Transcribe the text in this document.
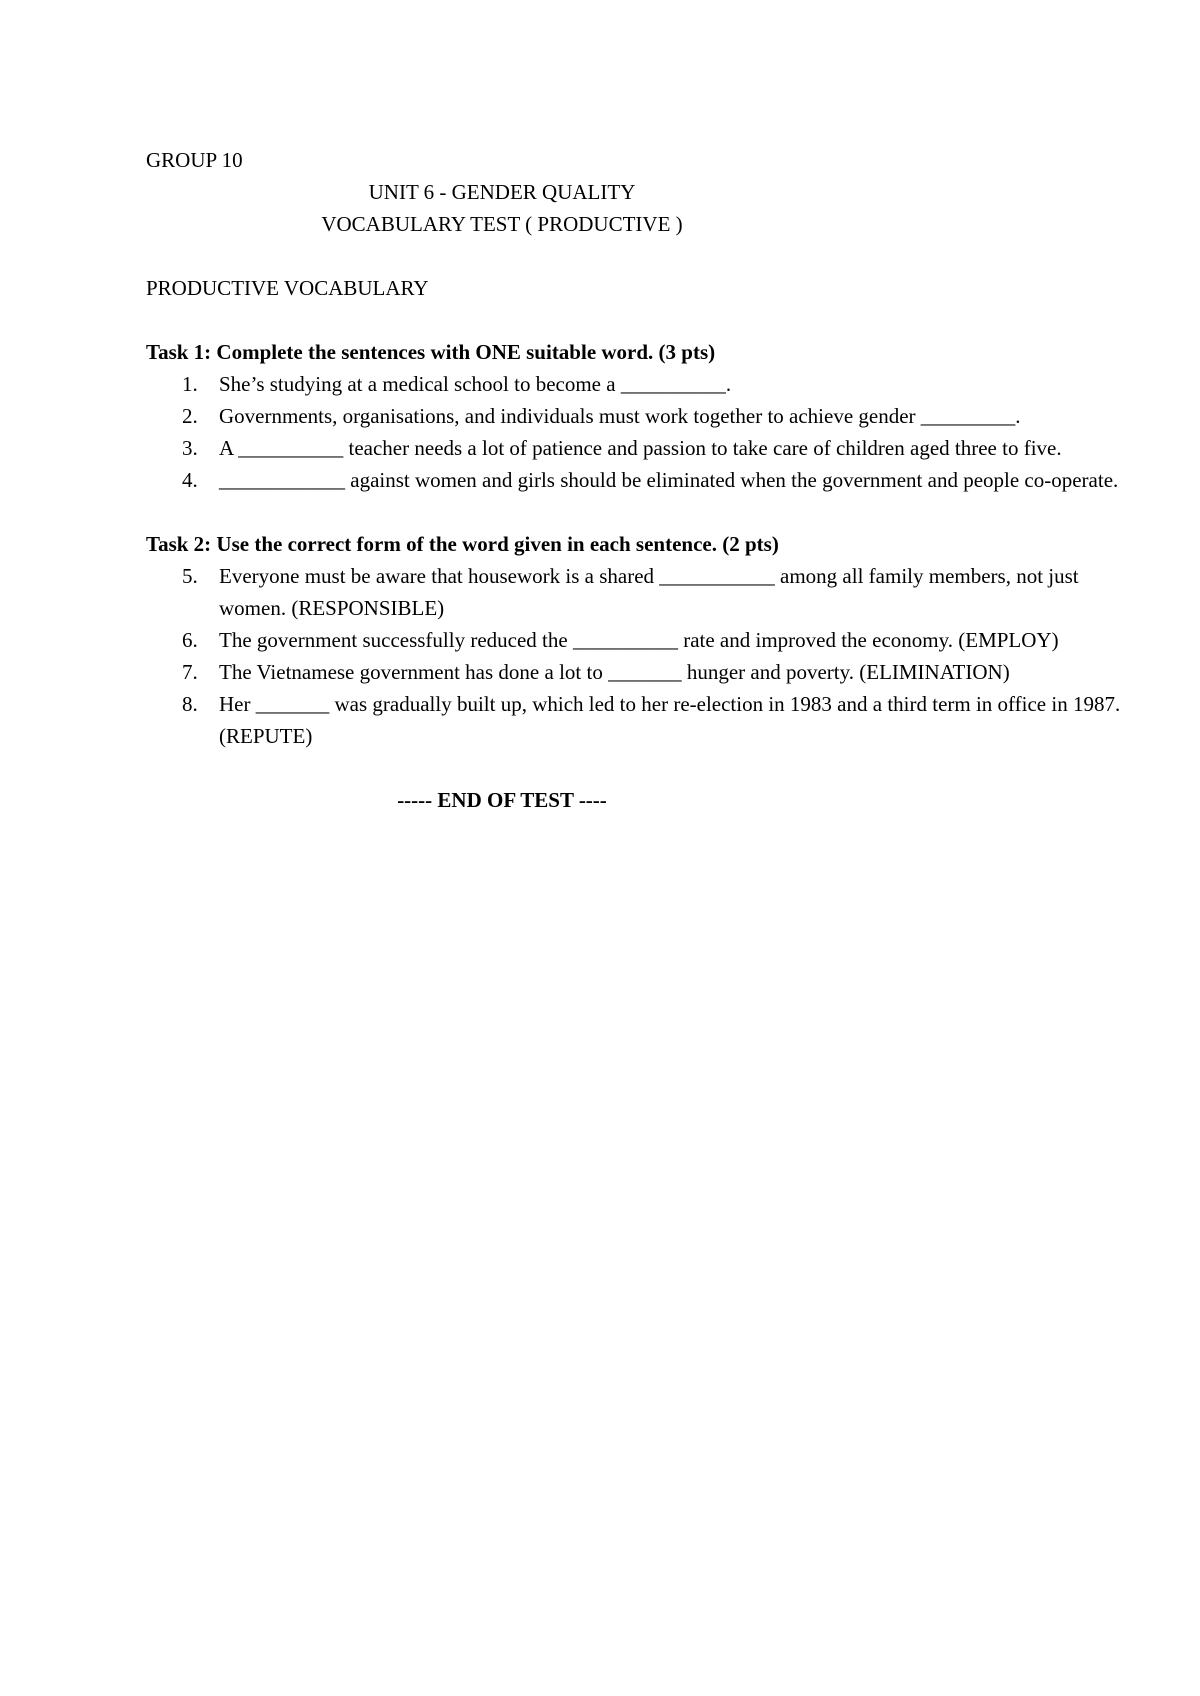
GROUP 10

UNIT 6 - GENDER QUALITY

VOCABULARY TEST ( PRODUCTIVE )

PRODUCTIVE VOCABULARY

Task 1: Complete the sentences with ONE suitable word. (3 pts)

1. She’s studying at a medical school to become a __________.
2. Governments, organisations, and individuals must work together to achieve gender _________.
3. A __________ teacher needs a lot of patience and passion to take care of children aged three to five.
4. ____________ against women and girls should be eliminated when the government and people co-operate.

Task 2: Use the correct form of the word given in each sentence. (2 pts)

5. Everyone must be aware that housework is a shared ___________ among all family members, not just women. (RESPONSIBLE)
6. The government successfully reduced the __________ rate and improved the economy. (EMPLOY)
7. The Vietnamese government has done a lot to _______ hunger and poverty. (ELIMINATION)
8. Her _______ was gradually built up, which led to her re-election in 1983 and a third term in office in 1987. (REPUTE)

----- END OF TEST ----
